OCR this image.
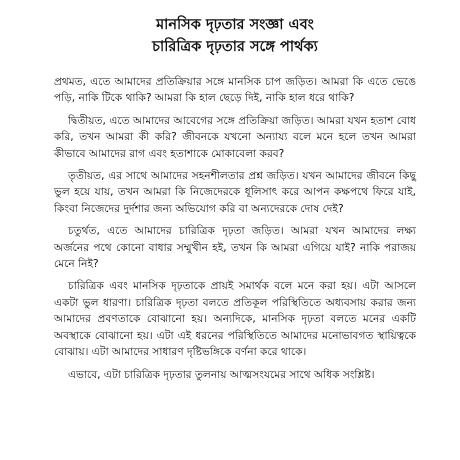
মানসিক দৃঢ়তার সংজ্ঞা এবং
চারিত্রিক দৃঢ়তার সঙ্গে পার্থক্য

প্রথমত, এতে আমাদের প্রতিক্রিয়ার সঙ্গে মানসিক চাপ জড়িত। আমরা কি এতে ভেঙে পড়ি, নাকি টিকে থাকি? আমরা কি হাল ছেড়ে দিই, নাকি হাল ধরে থাকি?

দ্বিতীয়ত, এতে আমাদের আবেগের সঙ্গে প্রতিক্রিয়া জড়িত। আমরা যখন হতাশ বোধ করি, তখন আমরা কী করি? জীবনকে যখনো অন্যায্য বলে মনে হলে তখন আমরা কীভাবে আমাদের রাগ এবং হতাশাকে মোকাবেলা করব?

তৃতীয়ত, এর সাথে আমাদের সহনশীলতার প্রশ্ন জড়িত। যখন আমাদের জীবনে কিছু ভুল হয়ে যায়, তখন আমরা কি নিজেদেরকে ধূলিসাৎ করে আপন কক্ষপথে ফিরে যাই, কিংবা নিজেদের দুর্দশার জন্য অভিযোগ করি বা অন্যদেরকে দোষ দেই?

চতুর্থত, এতে আমাদের চারিত্রিক দৃঢ়তা জড়িত। আমরা যখন আমাদের লক্ষ্য অর্জনের পথে কোনো বাধার সম্মুখীন হই, তখন কি আমরা এগিয়ে যাই? নাকি পরাজয় মেনে নিই?

চারিত্রিক এবং মানসিক দৃঢ়তাকে প্রায়ই সমার্থক বলে মনে করা হয়। এটা আসলে একটা ভুল ধারণা। চারিত্রিক দৃঢ়তা বলতে প্রতিকূল পরিস্থিতিতে অধ্যবসায় করার জন্য আমাদের প্রবণতাকে বোঝানো হয়। অন্যদিকে, মানসিক দৃঢ়তা বলতে মনের একটি অবস্থাকে বোঝানো হয়। এটা এই ধরনের পরিস্থিতিতে আমাদের মনোভাবগত স্থায়িত্বকে বোঝায়। এটা আমাদের সাধারণ দৃষ্টিভঙ্গিকে বর্ণনা করে থাকে।

এভাবে, এটা চারিত্রিক দৃঢ়তার তুলনায় আত্মসংযমের সাথে অধিক সংশ্লিষ্ট।
